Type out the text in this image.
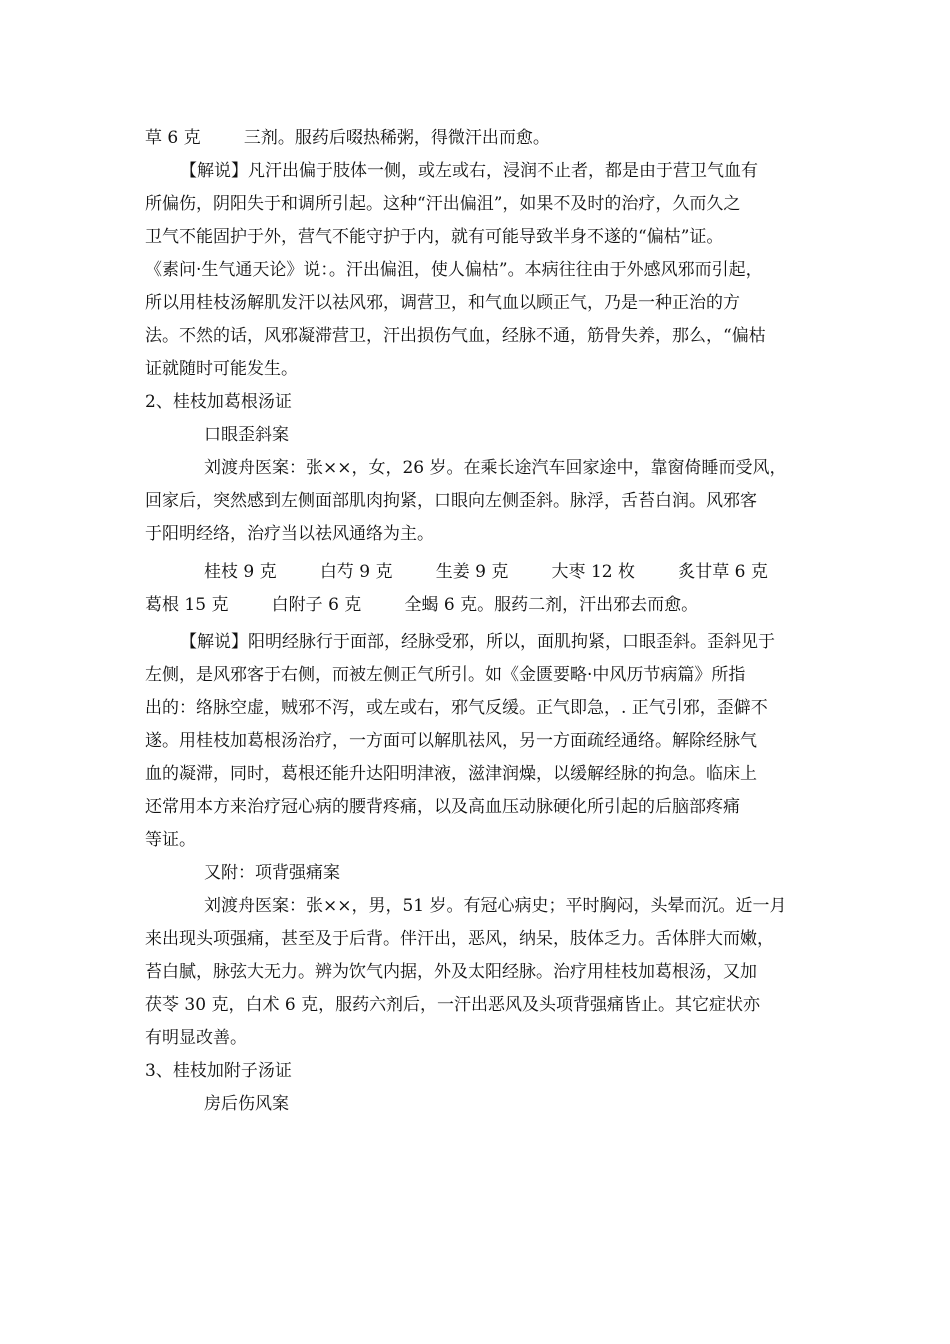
草 6 克        三剂。服药后啜热稀粥，得微汗出而愈。
【解说】凡汗出偏于肢体一侧，或左或右，浸润不止者，都是由于营卫气血有
所偏伤，阴阳失于和调所引起。这种“汗出偏沮”，如果不及时的治疗，久而久之
卫气不能固护于外，营气不能守护于内，就有可能导致半身不遂的“偏枯”证。
《素问·生气通天论》说：。汗出偏沮，使人偏枯”。本病往往由于外感风邪而引起，
所以用桂枝汤解肌发汗以祛风邪，调营卫，和气血以顾正气，乃是一种正治的方
法。不然的话，风邪凝滞营卫，汗出损伤气血，经脉不通，筋骨失养，那么，“偏枯
证就随时可能发生。
2、桂枝加葛根汤证
口眼歪斜案
刘渡舟医案：张××，女，26 岁。在乘长途汽车回家途中，靠窗倚睡而受风，
回家后，突然感到左侧面部肌肉拘紧，口眼向左侧歪斜。脉浮，舌苔白润。风邪客
于阳明经络，治疗当以祛风通络为主。
桂枝 9 克        白芍 9 克        生姜 9 克        大枣 12 枚        炙甘草 6 克
葛根 15 克        白附子 6 克        全蝎 6 克。服药二剂，汗出邪去而愈。
【解说】阳明经脉行于面部，经脉受邪，所以，面肌拘紧，口眼歪斜。歪斜见于
左侧，是风邪客于右侧，而被左侧正气所引。如《金匮要略·中风历节病篇》所指
出的：络脉空虚，贼邪不泻，或左或右，邪气反缓。正气即急，. 正气引邪，歪僻不
遂。用桂枝加葛根汤治疗，一方面可以解肌祛风，另一方面疏经通络。解除经脉气
血的凝滞，同时，葛根还能升达阳明津液，滋津润燥，以缓解经脉的拘急。临床上
还常用本方来治疗冠心病的腰背疼痛，以及高血压动脉硬化所引起的后脑部疼痛
等证。
又附：项背强痛案
刘渡舟医案：张××，男，51 岁。有冠心病史；平时胸闷，头晕而沉。近一月
来出现头项强痛，甚至及于后背。伴汗出，恶风，纳呆，肢体乏力。舌体胖大而嫩，
苔白腻，脉弦大无力。辨为饮气内据，外及太阳经脉。治疗用桂枝加葛根汤，又加
茯苓 30 克，白术 6 克，服药六剂后，一汗出恶风及头项背强痛皆止。其它症状亦
有明显改善。
3、桂枝加附子汤证
房后伤风案
